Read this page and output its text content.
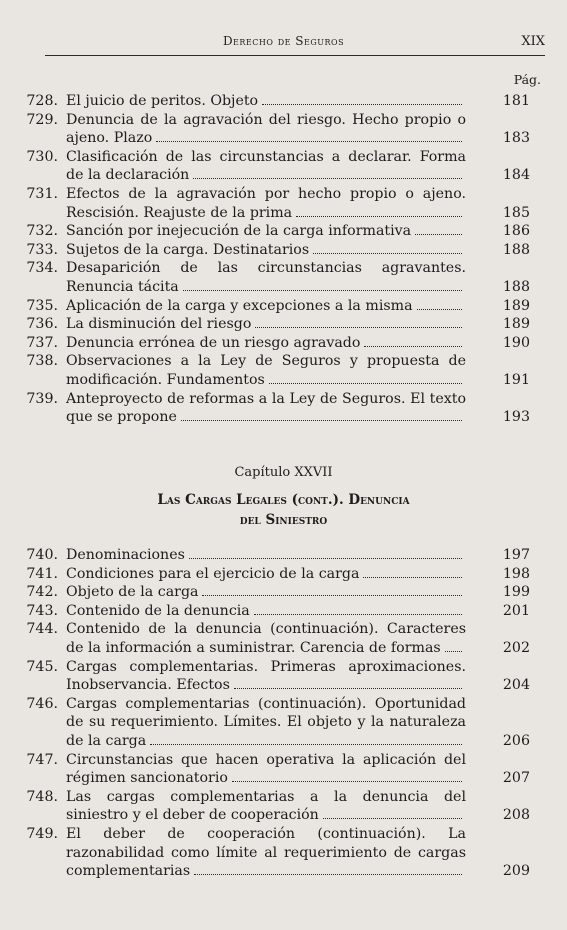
Derecho de Seguros	XIX
Pág.
728. El juicio de peritos. Objeto	181
729. Denuncia de la agravación del riesgo. Hecho propio o ajeno. Plazo	183
730. Clasificación de las circunstancias a declarar. Forma de la declaración	184
731. Efectos de la agravación por hecho propio o ajeno. Rescisión. Reajuste de la prima	185
732. Sanción por inejecución de la carga informativa	186
733. Sujetos de la carga. Destinatarios	188
734. Desaparición de las circunstancias agravantes. Renuncia tácita	188
735. Aplicación de la carga y excepciones a la misma	189
736. La disminución del riesgo	189
737. Denuncia errónea de un riesgo agravado	190
738. Observaciones a la Ley de Seguros y propuesta de modificación. Fundamentos	191
739. Anteproyecto de reformas a la Ley de Seguros. El texto que se propone	193
Capítulo XXVII
Las Cargas Legales (cont.). Denuncia
del Siniestro
740. Denominaciones	197
741. Condiciones para el ejercicio de la carga	198
742. Objeto de la carga	199
743. Contenido de la denuncia	201
744. Contenido de la denuncia (continuación). Caracteres de la información a suministrar. Carencia de formas	202
745. Cargas complementarias. Primeras aproximaciones. Inobservancia. Efectos	204
746. Cargas complementarias (continuación). Oportunidad de su requerimiento. Límites. El objeto y la naturaleza de la carga	206
747. Circunstancias que hacen operativa la aplicación del régimen sancionatorio	207
748. Las cargas complementarias a la denuncia del siniestro y el deber de cooperación	208
749. El deber de cooperación (continuación). La razonabilidad como límite al requerimiento de cargas complementarias	209
